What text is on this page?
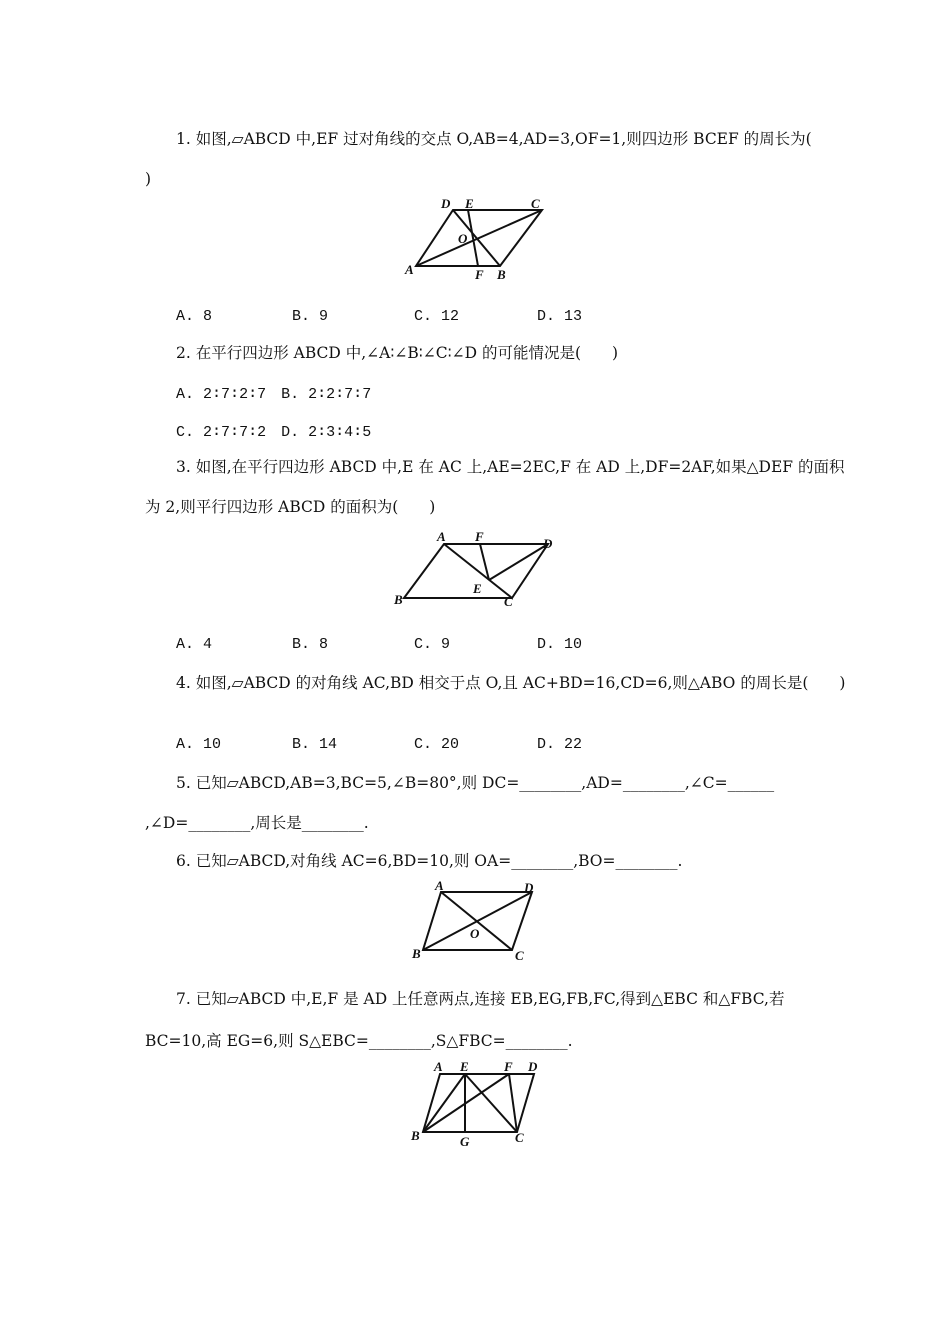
1. 如图,▱ABCD 中,EF 过对角线的交点 O,AB=4,AD=3,OF=1,则四边形 BCEF 的周长为(
)
A	B
C
D E
F
O
A. 8	B. 9	C. 12	D. 13
2. 在平行四边形 ABCD 中,∠A∶∠B∶∠C∶∠D 的可能情况是(　　)
A. 2∶7∶2∶7　B. 2∶2∶7∶7
C. 2∶7∶7∶2　D. 2∶3∶4∶5
3. 如图,在平行四边形 ABCD 中,E 在 AC 上,AE=2EC,F 在 AD 上,DF=2AF,如果△DEF 的面积
为 2,则平行四边形 ABCD 的面积为(　　)
A
B	C
D
E
F
A. 4	B. 8	C. 9	D. 10
4. 如图,▱ABCD 的对角线 AC,BD 相交于点 O,且 AC+BD=16,CD=6,则△ABO 的周长是(　　)
A. 10	B. 14	C. 20	D. 22
5. 已知▱ABCD,AB=3,BC=5,∠B=80°,则 DC=________,AD=________,∠C=______
,∠D=________,周长是________.
6. 已知▱ABCD,对角线 AC=6,BD=10,则 OA=________,BO=________.
A
B	C
D
O
7. 已知▱ABCD 中,E,F 是 AD 上任意两点,连接 EB,EG,FB,FC,得到△EBC 和△FBC,若
BC=10,高 EG=6,则 S△EBC=________,S△FBC=________.
A
B	C
D
E	F
G
